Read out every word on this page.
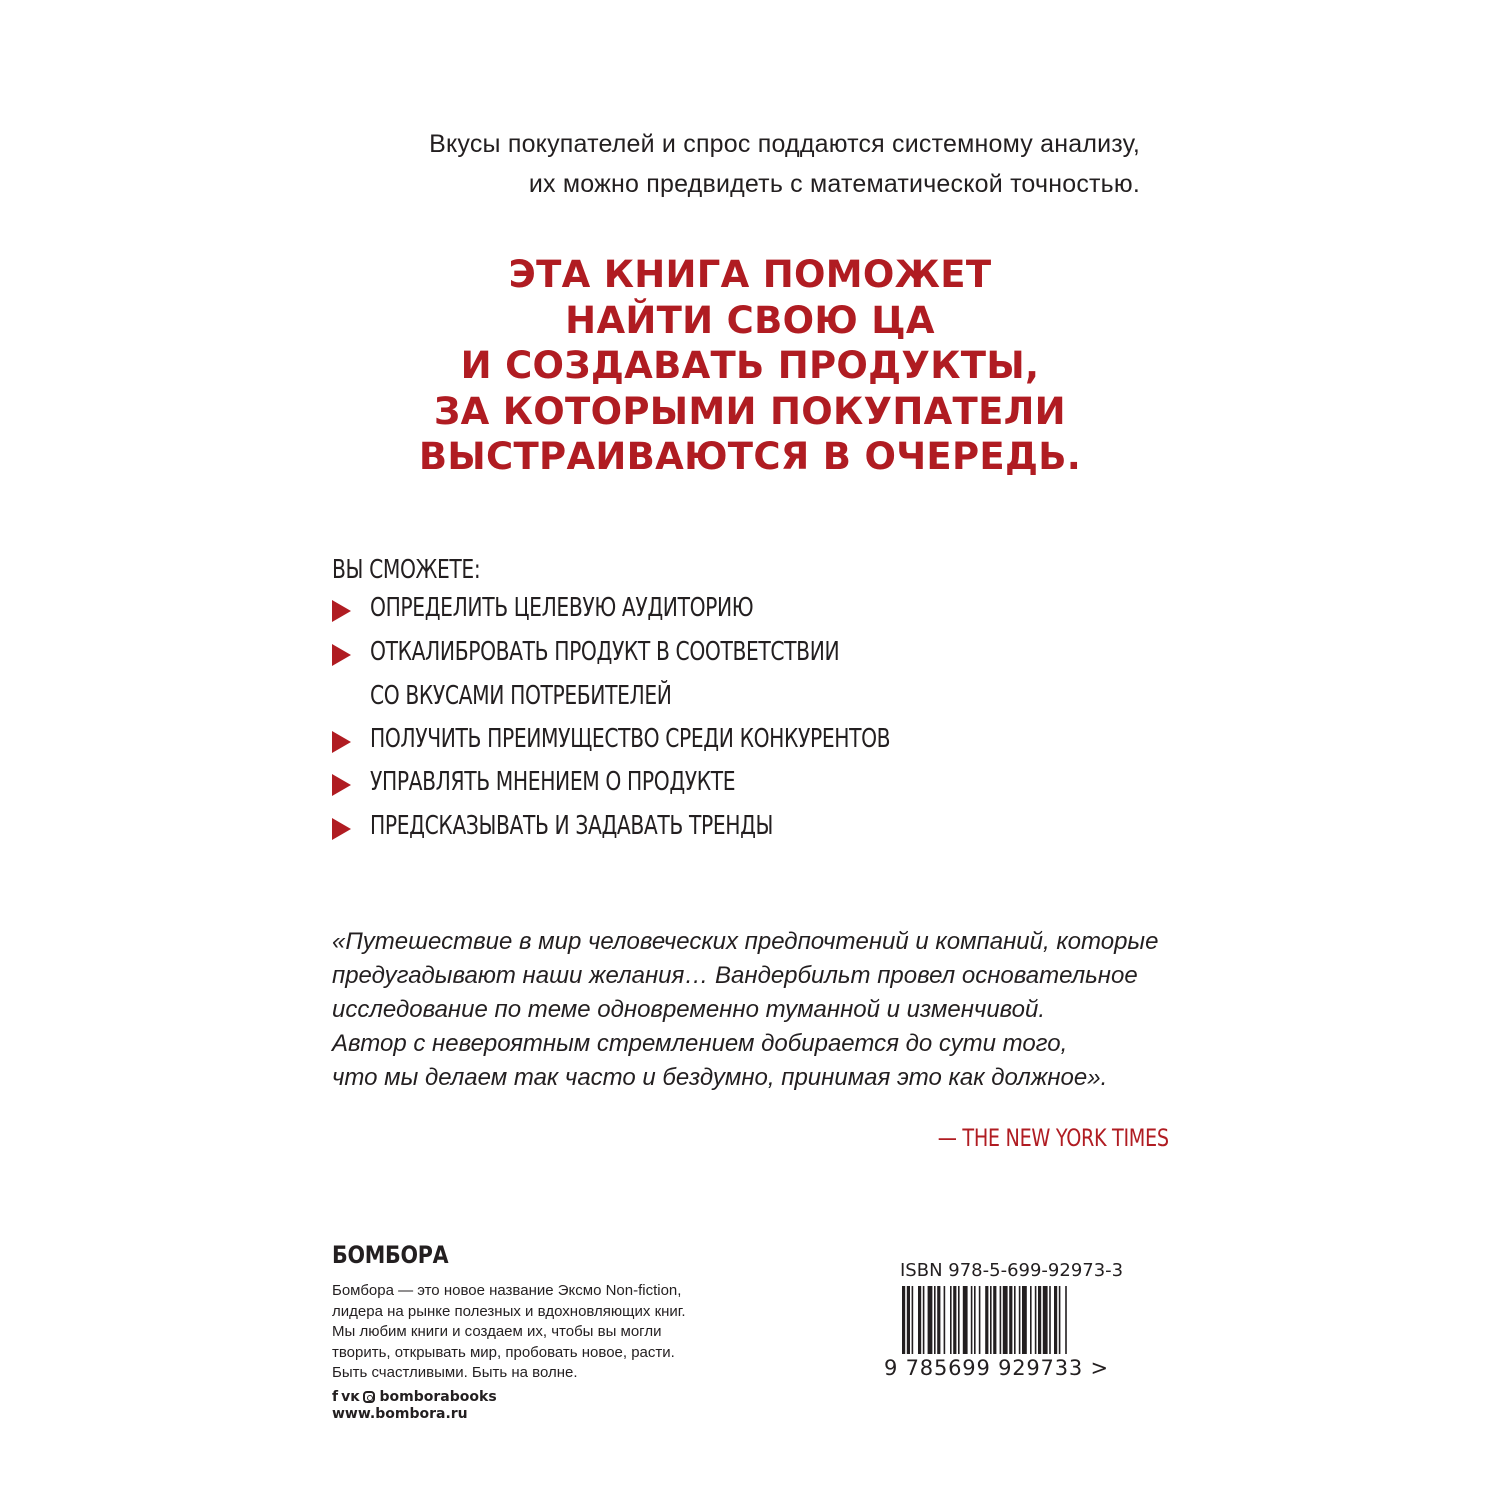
Вкусы покупателей и спрос поддаются системному анализу,
их можно предвидеть с математической точностью.
ЭТА КНИГА ПОМОЖЕТ
НАЙТИ СВОЮ ЦА
И СОЗДАВАТЬ ПРОДУКТЫ,
ЗА КОТОРЫМИ ПОКУПАТЕЛИ
ВЫСТРАИВАЮТСЯ В ОЧЕРЕДЬ.
ВЫ СМОЖЕТЕ:
ОПРЕДЕЛИТЬ ЦЕЛЕВУЮ АУДИТОРИЮ
ОТКАЛИБРОВАТЬ ПРОДУКТ В СООТВЕТСТВИИ
СО ВКУСАМИ ПОТРЕБИТЕЛЕЙ
ПОЛУЧИТЬ ПРЕИМУЩЕСТВО СРЕДИ КОНКУРЕНТОВ
УПРАВЛЯТЬ МНЕНИЕМ О ПРОДУКТЕ
ПРЕДСКАЗЫВАТЬ И ЗАДАВАТЬ ТРЕНДЫ
«Путешествие в мир человеческих предпочтений и компаний, которые
предугадывают наши желания… Вандербильт провел основательное
исследование по теме одновременно туманной и изменчивой.
Автор с невероятным стремлением добирается до сути того,
что мы делаем так часто и бездумно, принимая это как должное».
— THE NEW YORK TIMES
БОМБОРА
Бомбора — это новое название Эксмо Non-fiction,
лидера на рынке полезных и вдохновляющих книг.
Мы любим книги и создаем их, чтобы вы могли
творить, открывать мир, пробовать новое, расти.
Быть счастливыми. Быть на волне.
f ᴠᴋ bomborabooks
www.bombora.ru
ISBN 978-5-699-92973-3
9 785699 929733 >
